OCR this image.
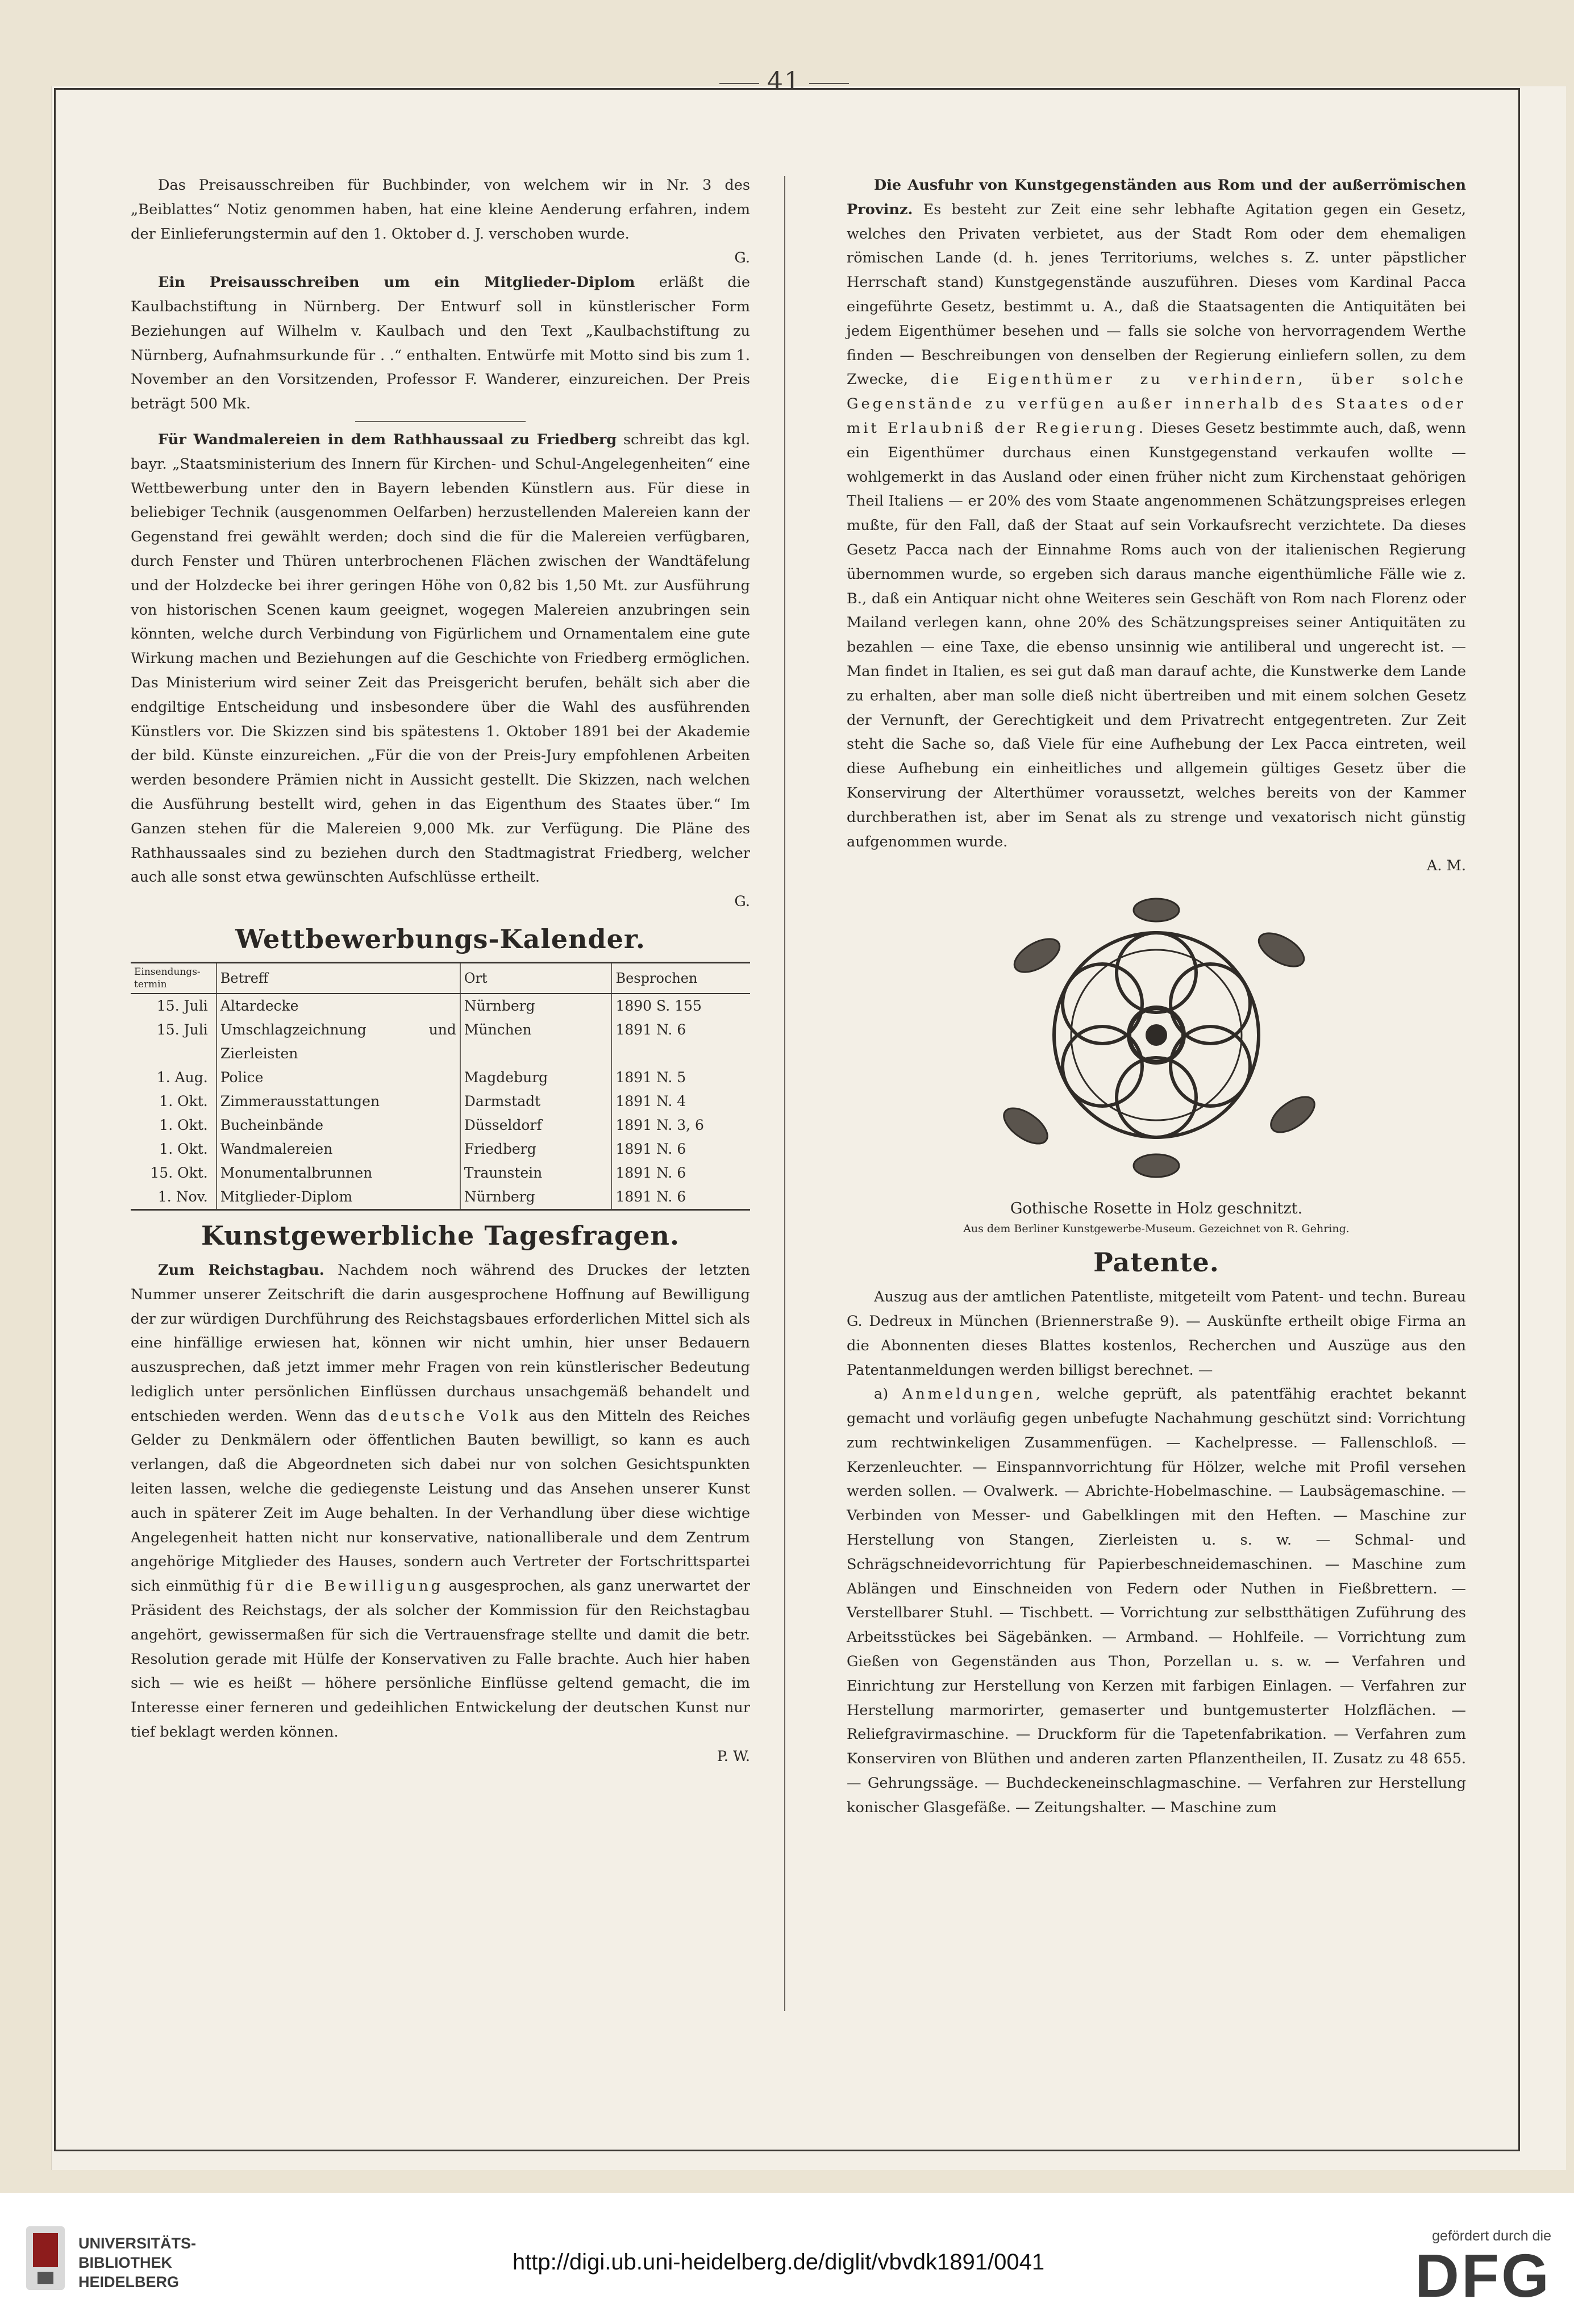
41

Das Preisausschreiben für Buchbinder, von welchem wir in Nr. 3 des „Beiblattes“ Notiz genommen haben, hat eine kleine Aenderung erfahren, indem der Einlieferungstermin auf den 1. Oktober d. J. verschoben wurde.

G.

Ein Preisausschreiben um ein Mitglieder-Diplom erläßt die Kaulbachstiftung in Nürnberg. Der Entwurf soll in künstlerischer Form Beziehungen auf Wilhelm v. Kaulbach und den Text „Kaulbachstiftung zu Nürnberg, Aufnahmsurkunde für . .“ enthalten. Entwürfe mit Motto sind bis zum 1. November an den Vorsitzenden, Professor F. Wanderer, einzureichen. Der Preis beträgt 500 Mk.

Für Wandmalereien in dem Rathhaussaal zu Friedberg schreibt das kgl. bayr. „Staatsministerium des Innern für Kirchen- und Schul-Angelegenheiten“ eine Wettbewerbung unter den in Bayern lebenden Künstlern aus. Für diese in beliebiger Technik (ausgenommen Oelfarben) herzustellenden Malereien kann der Gegenstand frei gewählt werden; doch sind die für die Malereien verfügbaren, durch Fenster und Thüren unterbrochenen Flächen zwischen der Wandtäfelung und der Holzdecke bei ihrer geringen Höhe von 0,82 bis 1,50 Mt. zur Ausführung von historischen Scenen kaum geeignet, wogegen Malereien anzubringen sein könnten, welche durch Verbindung von Figürlichem und Ornamentalem eine gute Wirkung machen und Beziehungen auf die Geschichte von Friedberg ermöglichen. Das Ministerium wird seiner Zeit das Preisgericht berufen, behält sich aber die endgiltige Entscheidung und insbesondere über die Wahl des ausführenden Künstlers vor. Die Skizzen sind bis spätestens 1. Oktober 1891 bei der Akademie der bild. Künste einzureichen. „Für die von der Preis-Jury empfohlenen Arbeiten werden besondere Prämien nicht in Aussicht gestellt. Die Skizzen, nach welchen die Ausführung bestellt wird, gehen in das Eigenthum des Staates über.“ Im Ganzen stehen für die Malereien 9,000 Mk. zur Verfügung. Die Pläne des Rathhaussaales sind zu beziehen durch den Stadtmagistrat Friedberg, welcher auch alle sonst etwa gewünschten Aufschlüsse ertheilt.

G.
Wettbewerbungs-Kalender.
Einsendungs-termin	Betreff	Ort	Besprochen
15. Juli	Altardecke	Nürnberg	1890 S. 155
15. Juli	Umschlagzeichnung und Zierleisten	München	1891 N. 6
1. Aug.	Police	Magdeburg	1891 N. 5
1. Okt.	Zimmerausstattungen	Darmstadt	1891 N. 4
1. Okt.	Bucheinbände	Düsseldorf	1891 N. 3, 6
1. Okt.	Wandmalereien	Friedberg	1891 N. 6
15. Okt.	Monumentalbrunnen	Traunstein	1891 N. 6
1. Nov.	Mitglieder-Diplom	Nürnberg	1891 N. 6
Kunstgewerbliche Tagesfragen.

Zum Reichstagbau. Nachdem noch während des Druckes der letzten Nummer unserer Zeitschrift die darin ausgesprochene Hoffnung auf Bewilligung der zur würdigen Durchführung des Reichstagsbaues erforderlichen Mittel sich als eine hinfällige erwiesen hat, können wir nicht umhin, hier unser Bedauern auszusprechen, daß jetzt immer mehr Fragen von rein künstlerischer Bedeutung lediglich unter persönlichen Einflüssen durchaus unsachgemäß behandelt und entschieden werden. Wenn das deutsche Volk aus den Mitteln des Reiches Gelder zu Denkmälern oder öffentlichen Bauten bewilligt, so kann es auch verlangen, daß die Abgeordneten sich dabei nur von solchen Gesichtspunkten leiten lassen, welche die gediegenste Leistung und das Ansehen unserer Kunst auch in späterer Zeit im Auge behalten. In der Verhandlung über diese wichtige Angelegenheit hatten nicht nur konservative, nationalliberale und dem Zentrum angehörige Mitglieder des Hauses, sondern auch Vertreter der Fortschrittspartei sich einmüthig für die Bewilligung ausgesprochen, als ganz unerwartet der Präsident des Reichstags, der als solcher der Kommission für den Reichstagbau angehört, gewissermaßen für sich die Vertrauensfrage stellte und damit die betr. Resolution gerade mit Hülfe der Konservativen zu Falle brachte. Auch hier haben sich — wie es heißt — höhere persönliche Einflüsse geltend gemacht, die im Interesse einer ferneren und gedeihlichen Entwickelung der deutschen Kunst nur tief beklagt werden können.

P. W.

Die Ausfuhr von Kunstgegenständen aus Rom und der außerrömischen Provinz. Es besteht zur Zeit eine sehr lebhafte Agitation gegen ein Gesetz, welches den Privaten verbietet, aus der Stadt Rom oder dem ehemaligen römischen Lande (d. h. jenes Territoriums, welches s. Z. unter päpstlicher Herrschaft stand) Kunstgegenstände auszuführen. Dieses vom Kardinal Pacca eingeführte Gesetz, bestimmt u. A., daß die Staatsagenten die Antiquitäten bei jedem Eigenthümer besehen und — falls sie solche von hervorragendem Werthe finden — Beschreibungen von denselben der Regierung einliefern sollen, zu dem Zwecke, die Eigenthümer zu verhindern, über solche Gegenstände zu verfügen außer innerhalb des Staates oder mit Erlaubniß der Regierung. Dieses Gesetz bestimmte auch, daß, wenn ein Eigenthümer durchaus einen Kunstgegenstand verkaufen wollte — wohlgemerkt in das Ausland oder einen früher nicht zum Kirchenstaat gehörigen Theil Italiens — er 20% des vom Staate angenommenen Schätzungspreises erlegen mußte, für den Fall, daß der Staat auf sein Vorkaufsrecht verzichtete. Da dieses Gesetz Pacca nach der Einnahme Roms auch von der italienischen Regierung übernommen wurde, so ergeben sich daraus manche eigenthümliche Fälle wie z. B., daß ein Antiquar nicht ohne Weiteres sein Geschäft von Rom nach Florenz oder Mailand verlegen kann, ohne 20% des Schätzungspreises seiner Antiquitäten zu bezahlen — eine Taxe, die ebenso unsinnig wie antiliberal und ungerecht ist. — Man findet in Italien, es sei gut daß man darauf achte, die Kunstwerke dem Lande zu erhalten, aber man solle dieß nicht übertreiben und mit einem solchen Gesetz der Vernunft, der Gerechtigkeit und dem Privatrecht entgegentreten. Zur Zeit steht die Sache so, daß Viele für eine Aufhebung der Lex Pacca eintreten, weil diese Aufhebung ein einheitliches und allgemein gültiges Gesetz über die Konservirung der Alterthümer voraussetzt, welches bereits von der Kammer durchberathen ist, aber im Senat als zu strenge und vexatorisch nicht günstig aufgenommen wurde.

A. M.
Gothische Rosette in Holz geschnitzt.
Aus dem Berliner Kunstgewerbe-Museum. Gezeichnet von R. Gehring.
Patente.

Auszug aus der amtlichen Patentliste, mitgeteilt vom Patent- und techn. Bureau G. Dedreux in München (Briennerstraße 9). — Auskünfte ertheilt obige Firma an die Abonnenten dieses Blattes kostenlos, Recherchen und Auszüge aus den Patentanmeldungen werden billigst berechnet. —

a) Anmeldungen, welche geprüft, als patentfähig erachtet bekannt gemacht und vorläufig gegen unbefugte Nachahmung geschützt sind: Vorrichtung zum rechtwinkeligen Zusammenfügen. — Kachelpresse. — Fallenschloß. — Kerzenleuchter. — Einspannvorrichtung für Hölzer, welche mit Profil versehen werden sollen. — Ovalwerk. — Abrichte-Hobelmaschine. — Laubsägemaschine. — Verbinden von Messer- und Gabelklingen mit den Heften. — Maschine zur Herstellung von Stangen, Zierleisten u. s. w. — Schmal- und Schrägschneidevorrichtung für Papierbeschneidemaschinen. — Maschine zum Ablängen und Einschneiden von Federn oder Nuthen in Fießbrettern. — Verstellbarer Stuhl. — Tischbett. — Vorrichtung zur selbstthätigen Zuführung des Arbeitsstückes bei Sägebänken. — Armband. — Hohlfeile. — Vorrichtung zum Gießen von Gegenständen aus Thon, Porzellan u. s. w. — Verfahren und Einrichtung zur Herstellung von Kerzen mit farbigen Einlagen. — Verfahren zur Herstellung marmorirter, gemaserter und buntgemusterter Holzflächen. — Reliefgravirmaschine. — Druckform für die Tapetenfabrikation. — Verfahren zum Konserviren von Blüthen und anderen zarten Pflanzentheilen, II. Zusatz zu 48 655. — Gehrungssäge. — Buchdeckeneinschlagmaschine. — Verfahren zur Herstellung konischer Glasgefäße. — Zeitungshalter. — Maschine zum

UNIVERSITÄTS-
BIBLIOTHEK
HEIDELBERG
http://digi.ub.uni-heidelberg.de/diglit/vbvdk1891/0041
gefördert durch die
DFG
